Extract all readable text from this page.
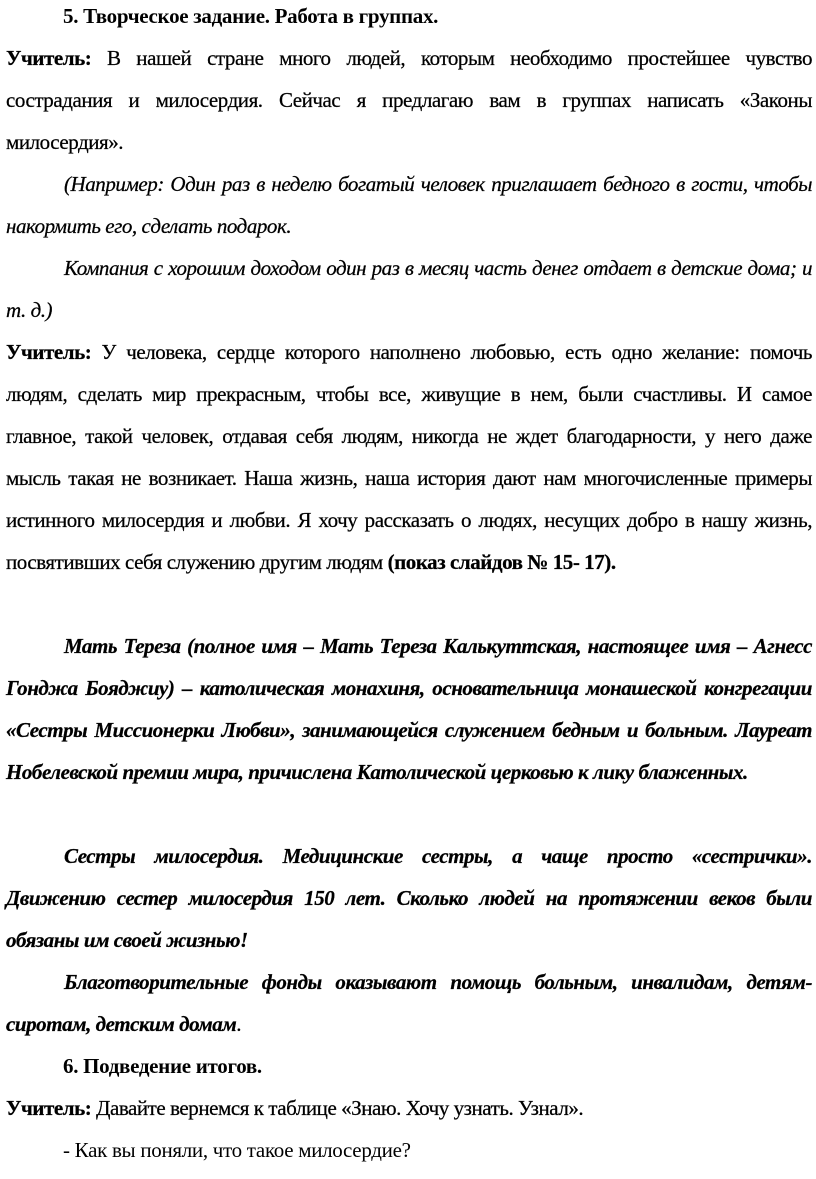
5. Творческое задание. Работа в группах.
Учитель: В нашей стране много людей, которым необходимо простейшее чувство сострадания и милосердия. Сейчас я предлагаю вам в группах написать «Законы милосердия».
(Например: Один раз в неделю богатый человек приглашает бедного в гости, чтобы накормить его, сделать подарок.
Компания с хорошим доходом один раз в месяц часть денег отдает в детские дома; и т. д.)
Учитель: У человека, сердце которого наполнено любовью, есть одно желание: помочь людям, сделать мир прекрасным, чтобы все, живущие в нем, были счастливы. И самое главное, такой человек, отдавая себя людям, никогда не ждет благодарности, у него даже мысль такая не возникает. Наша жизнь, наша история дают нам многочисленные примеры истинного милосердия и любви. Я хочу рассказать о людях, несущих добро в нашу жизнь, посвятивших себя служению другим людям (показ слайдов № 15- 17).
Мать Тереза (полное имя – Мать Тереза Калькуттская, настоящее имя – Агнесс Гонджа Бояджиу) – католическая монахиня, основательница монашеской конгрегации «Сестры Миссионерки Любви», занимающейся служением бедным и больным. Лауреат Нобелевской премии мира, причислена Католической церковью к лику блаженных.
Сестры милосердия. Медицинские сестры, а чаще просто «сестрички». Движению сестер милосердия 150 лет. Сколько людей на протяжении веков были обязаны им своей жизнью!
Благотворительные фонды оказывают помощь больным, инвалидам, детям-сиротам, детским домам.
6. Подведение итогов.
Учитель: Давайте вернемся к таблице «Знаю. Хочу узнать. Узнал».
- Как вы поняли, что такое милосердие?
